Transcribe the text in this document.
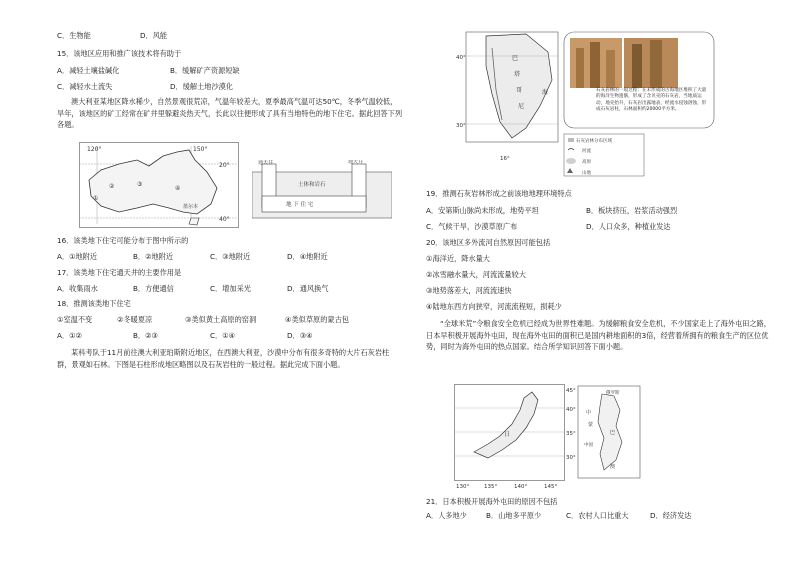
C．生物能	D．风能
15．该地区应用和推广该技术将有助于
A．减轻土壤盐碱化	B．缓解矿产资源短缺
C．减轻水土流失	D．缓解土地沙漠化
澳大利亚某地区降水稀少，自然景观很荒凉，气温年较差大，夏季最高气温可达50℃，冬季气温较低，旱年，该地区的矿工经常在矿井里躲避炎热天气，长此以往便形成了具有当地特色的地下住宅。据此回答下列各题。
120°	150°
20°
40°
②	③
④
①
墨尔本
通天井	通天井
土体和岩石
地 下 住 宅
16．该类地下住宅可能分布于图中所示的
A．①地附近	B．②地附近	C．③地附近	D．④地附近
17．该类地下住宅通天井的主要作用是
A．收集雨水	B．方便通信	C．增加采光	D．通风换气
18．推测该类地下住宅
①室温不变	②冬暖夏凉	③类似黄土高原的窑洞	④类似草原的蒙古包
A．①②	B．②③	C．①④	D．③④
某科考队于11月前往澳大利亚珀斯附近地区，在西澳大利亚，沙漠中分布有很多奇特的大片石灰岩柱群，景观如石林。下图是石柱形成地区略图以及石灰岩柱的一般过程。据此完成下面小题。
40°
30°
16°
巴
塔
哥
尼
海
石灰岩林分布区域
河流
高原
山地
石灰岩林的一般过程：在未形成的古海地区堆积了大量的海洋生物遗骸，形成了含贝壳的石灰岩，当地质运动，地壳抬升，石灰岩出露地表，经流水侵蚀溶蚀，形成石灰岩柱，石林面积约20000平方米。
19．推测石灰岩林形成之前该地地理环境特点
A．安第斯山脉尚未形成，地势平坦	B．板块挤压，岩浆活动强烈
C．气候干旱，沙漠草原广布	D．人口众多，种植业发达
20．该地区多外流河自然原因可能包括
①海洋近，降水量大
②冰雪融水量大，河流流量较大
③地势落差大，河流流速快
④陆地东西方向狭窄，河流流程短，损耗少
“全球米荒”令粮食安全危机已经成为世界性难题。为缓解粮食安全危机，不少国家走上了海外屯田之路，日本早积极开展海外屯田，现在海外屯田的面积已是国内耕地面积的3倍，经营着所拥有的粮食生产的区位优势，同时为海外屯田的热点国家。结合所学知识回答下面小题。
日
45°
40°
35°
30°
130°	135°	140°	145°
俄罗斯
中
蒙
巴
中国
澳
21．日本积极开展海外屯田的原因不包括
A．人多地少	B．山地多平原少	C．农村人口比重大	D．经济发达
